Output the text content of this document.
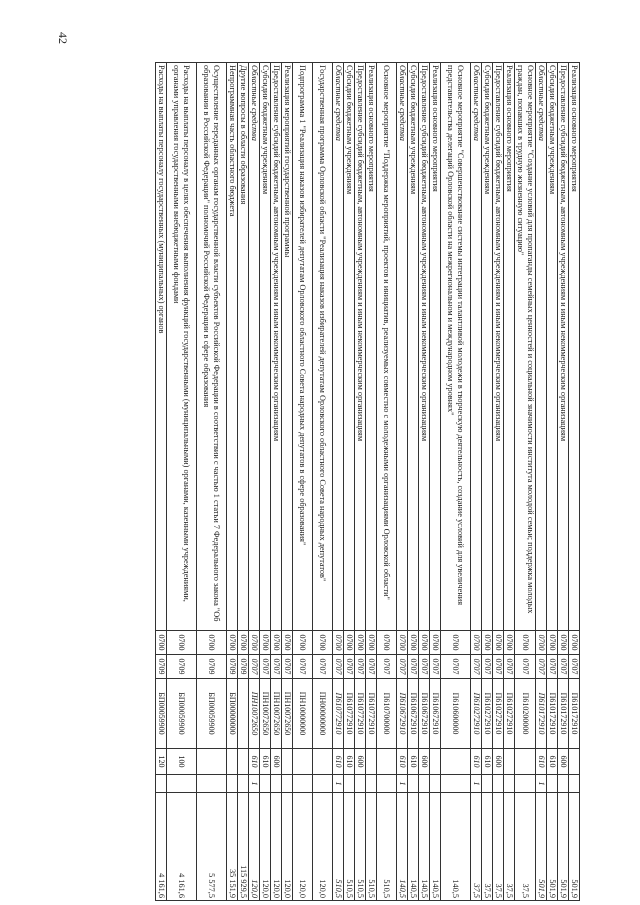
42
Реализация основного мероприятия	0700	0707	П610172910			501,9
Предоставление субсидий бюджетным, автономным учреждениям и иным некоммерческим организациям	0700	0707	П610172910	600		501,9
Субсидии бюджетным учреждениям	0700	0707	П610172910	610		501,9
Областные средства	0700	0707	П610172910	610	1	501,9
Основное мероприятие "Создание условий для пропаганды семейных ценностей и социальной значимости института молодой семьи; поддержка молодых граждан, попавших в трудную жизненную ситуацию"	0700	0707	П610200000			37,5
Реализация основного мероприятия	0700	0707	П610272910			37,5
Предоставление субсидий бюджетным, автономным учреждениям и иным некоммерческим организациям	0700	0707	П610272910	600		37,5
Субсидии бюджетным учреждениям	0700	0707	П610272910	610		37,5
Областные средства	0700	0707	П610272910	610	1	37,5
Основное мероприятие "Совершенствование системы интеграции талантливой молодежи в творческую деятельность, создание условий для увеличения представительства делегаций Орловской области на межрегиональном и международном уровнях"	0700	0707	П610600000			140,5
Реализация основного мероприятия	0700	0707	П610672910			140,5
Предоставление субсидий бюджетным, автономным учреждениям и иным некоммерческим организациям	0700	0707	П610672910	600		140,5
Субсидии бюджетным учреждениям	0700	0707	П610672910	610		140,5
Областные средства	0700	0707	П610672910	610	1	140,5
Основное мероприятие "Поддержка мероприятий, проектов и инициатив, реализуемых совместно с молодежными организациями Орловской области"	0700	0707	П610700000			510,5
Реализация основного мероприятия	0700	0707	П610772910			510,5
Предоставление субсидий бюджетным, автономным учреждениям и иным некоммерческим организациям	0700	0707	П610772910	600		510,5
Субсидии бюджетным учреждениям	0700	0707	П610772910	610		510,5
Областные средства	0700	0707	П610772910	610	1	510,5
Государственная программа Орловской области "Реализация наказов избирателей депутатам Орловского областного Совета народных депутатов"	0700	0707	ПН00000000			120,0
Подпрограмма 1 "Реализация наказов избирателей депутатам Орловского областного Совета народных депутатов в сфере образования"	0700	0707	ПН10000000			120,0
Реализация мероприятий государственной программы	0700	0707	ПН10072650			120,0
Предоставление субсидий бюджетным, автономным учреждениям и иным некоммерческим организациям	0700	0707	ПН10072650	600		120,0
Субсидии бюджетным учреждениям	0700	0707	ПН10072650	610		120,0
Областные средства	0700	0707	ПН10072650	610	1	120,0
Другие вопросы в области образования	0700	0709				115 929,5
Непрограммная часть областного бюджета	0700	0709	БП00000000			35 151,9
Осуществление переданных органам государственной власти субъектов Российской Федерации в соответствии с частью 1 статьи 7 Федерального закона "Об образовании в Российской Федерации" полномочий Российской Федерации в сфере образования	0700	0709	БП00059900			5 577,5
Расходы на выплаты персоналу в целях обеспечения выполнения функций государственными (муниципальными) органами, казенными учреждениями, органами управления государственными внебюджетными фондами	0700	0709	БП00059900	100		4 161,6
Расходы на выплаты персоналу государственных (муниципальных) органов	0700	0709	БП00059900	120		4 161,6
